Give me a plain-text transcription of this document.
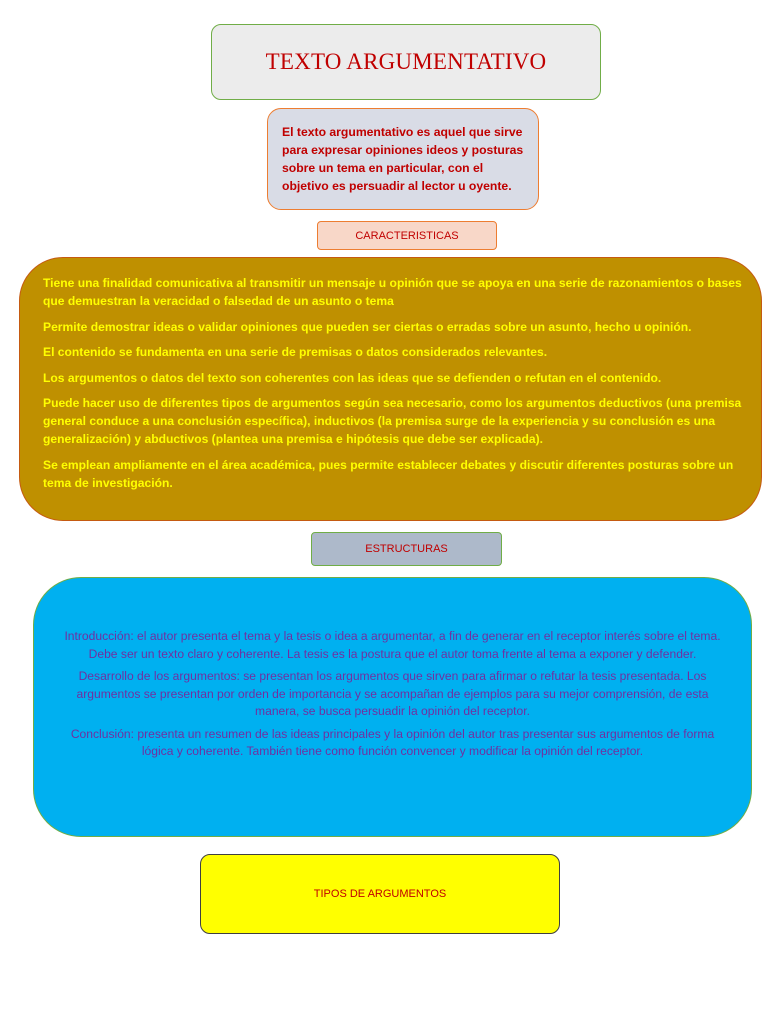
TEXTO ARGUMENTATIVO

El texto argumentativo es aquel que sirve para expresar opiniones ideos y posturas sobre un tema en particular, con el objetivo es persuadir al lector u oyente.

CARACTERISTICAS

Tiene una finalidad comunicativa al transmitir un mensaje u opinión que se apoya en una serie de razonamientos o bases que demuestran la veracidad o falsedad de un asunto o tema

Permite demostrar ideas o validar opiniones que pueden ser ciertas o erradas sobre un asunto, hecho u opinión.

El contenido se fundamenta en una serie de premisas o datos considerados relevantes.

Los argumentos o datos del texto son coherentes con las ideas que se defienden o refutan en el contenido.

Puede hacer uso de diferentes tipos de argumentos según sea necesario, como los argumentos deductivos (una premisa general conduce a una conclusión específica), inductivos (la premisa surge de la experiencia y su conclusión es una generalización) y abductivos (plantea una premisa e hipótesis que debe ser explicada).

Se emplean ampliamente en el área académica, pues permite establecer debates y discutir diferentes posturas sobre un tema de investigación.

ESTRUCTURAS

Introducción: el autor presenta el tema y la tesis o idea a argumentar, a fin de generar en el receptor interés sobre el tema. Debe ser un texto claro y coherente. La tesis es la postura que el autor toma frente al tema a exponer y defender.

Desarrollo de los argumentos: se presentan los argumentos que sirven para afirmar o refutar la tesis presentada. Los argumentos se presentan por orden de importancia y se acompañan de ejemplos para su mejor comprensión, de esta manera, se busca persuadir la opinión del receptor.

Conclusión: presenta un resumen de las ideas principales y la opinión del autor tras presentar sus argumentos de forma lógica y coherente. También tiene como función convencer y modificar la opinión del receptor.

TIPOS DE ARGUMENTOS
